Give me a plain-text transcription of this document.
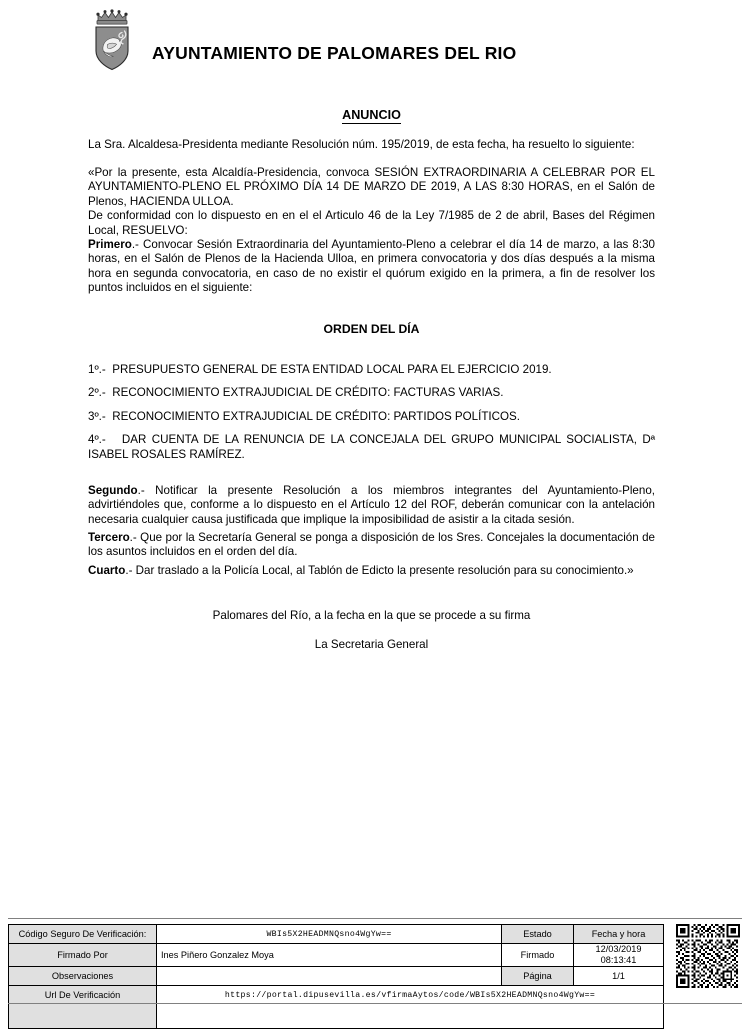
AYUNTAMIENTO DE PALOMARES DEL RIO
ANUNCIO

La Sra. Alcaldesa-Presidenta mediante Resolución núm. 195/2019, de esta fecha, ha resuelto lo siguiente:

«Por la presente, esta Alcaldía-Presidencia, convoca SESIÓN EXTRAORDINARIA A CELEBRAR POR EL AYUNTAMIENTO-PLENO EL PRÓXIMO DÍA 14 DE MARZO DE 2019, A LAS 8:30 HORAS, en el Salón de Plenos, HACIENDA ULLOA.

De conformidad con lo dispuesto en en el el Articulo 46 de la Ley 7/1985 de 2 de abril, Bases del Régimen Local, RESUELVO:

Primero.- Convocar Sesión Extraordinaria del Ayuntamiento-Pleno a celebrar el día 14 de marzo, a las 8:30 horas, en el Salón de Plenos de la Hacienda Ulloa, en primera convocatoria y dos días después a la misma hora en segunda convocatoria, en caso de no existir el quórum exigido en la primera, a fin de resolver los puntos incluidos en el siguiente:

ORDEN DEL DÍA
1º.- PRESUPUESTO GENERAL DE ESTA ENTIDAD LOCAL PARA EL EJERCICIO 2019.
2º.- RECONOCIMIENTO EXTRAJUDICIAL DE CRÉDITO: FACTURAS VARIAS.
3º.- RECONOCIMIENTO EXTRAJUDICIAL DE CRÉDITO: PARTIDOS POLÍTICOS.
4º.- DAR CUENTA DE LA RENUNCIA DE LA CONCEJALA DEL GRUPO MUNICIPAL SOCIALISTA, Dª ISABEL ROSALES RAMÍREZ.

Segundo.- Notificar la presente Resolución a los miembros integrantes del Ayuntamiento-Pleno, advirtiéndoles que, conforme a lo dispuesto en el Artículo 12 del ROF, deberán comunicar con la antelación necesaria cualquier causa justificada que implique la imposibilidad de asistir a la citada sesión.

Tercero.- Que por la Secretaría General se ponga a disposición de los Sres. Concejales la documentación de los asuntos incluidos en el orden del día.

Cuarto.- Dar traslado a la Policía Local, al Tablón de Edicto la presente resolución para su conocimiento.»

Palomares del Río, a la fecha en la que se procede a su firma
La Secretaria General
Código Seguro De Verificación:	WBIs5X2HEADMNQsno4WgYw==	Estado	Fecha y hora
Firmado Por	Ines Piñero Gonzalez Moya	Firmado	12/03/2019 08:13:41
Observaciones		Página	1/1
Url De Verificación	https://portal.dipusevilla.es/vfirmaAytos/code/WBIs5X2HEADMNQsno4WgYw==		
